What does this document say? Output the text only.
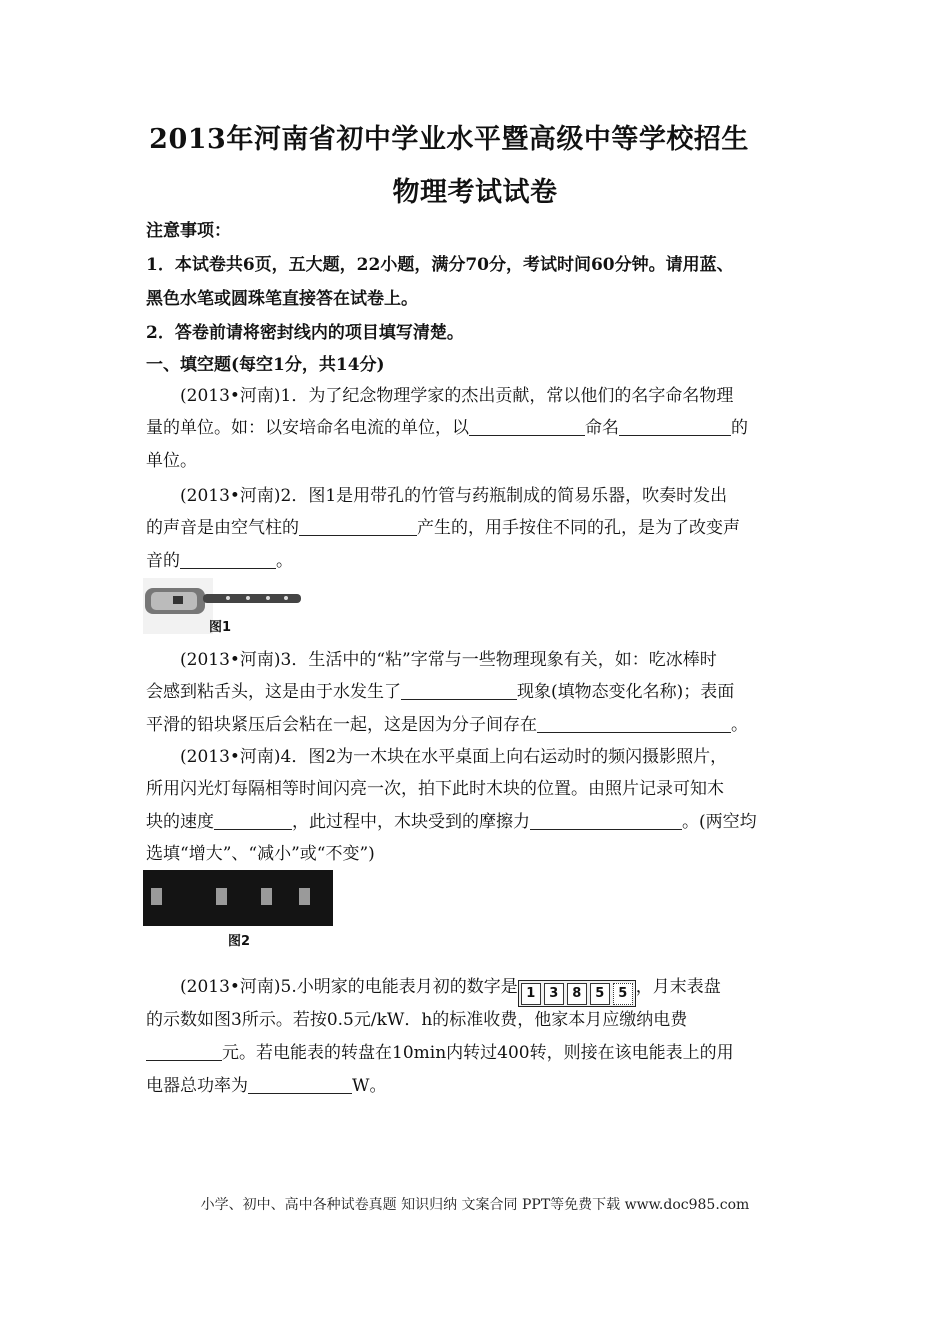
2013年河南省初中学业水平暨高级中等学校招生
物理考试试卷
注意事项：
1．本试卷共6页，五大题，22小题，满分70分，考试时间60分钟。请用蓝、
黑色水笔或圆珠笔直接答在试卷上。
2．答卷前请将密封线内的项目填写清楚。
一、填空题(每空1分，共14分)
(2013•河南)1．为了纪念物理学家的杰出贡献，常以他们的名字命名物理
量的单位。如：以安培命名电流的单位，以	命名	的
单位。
(2013•河南)2．图1是用带孔的竹管与药瓶制成的简易乐器，吹奏时发出
的声音是由空气柱的	产生的，用手按住不同的孔，是为了改变声
音的	。
图1
(2013•河南)3．生活中的“粘”字常与一些物理现象有关，如：吃冰棒时
会感到粘舌头，这是由于水发生了	现象(填物态变化名称)；表面
平滑的铅块紧压后会粘在一起，这是因为分子间存在	。
(2013•河南)4．图2为一木块在水平桌面上向右运动时的频闪摄影照片，
所用闪光灯每隔相等时间闪亮一次，拍下此时木块的位置。由照片记录可知木
块的速度	，此过程中，木块受到的摩擦力	。(两空均
选填“增大”、“减小”或“不变”)
图2
(2013•河南)5.小明家的电能表月初的数字是 1 3 8 5 5 ，月末表盘
的示数如图3所示。若按0.5元/kW．h的标准收费，他家本月应缴纳电费
元。若电能表的转盘在10min内转过400转，则接在该电能表上的用
电器总功率为	W。
小学、初中、高中各种试卷真题 知识归纳 文案合同 PPT等免费下载 www.doc985.com
